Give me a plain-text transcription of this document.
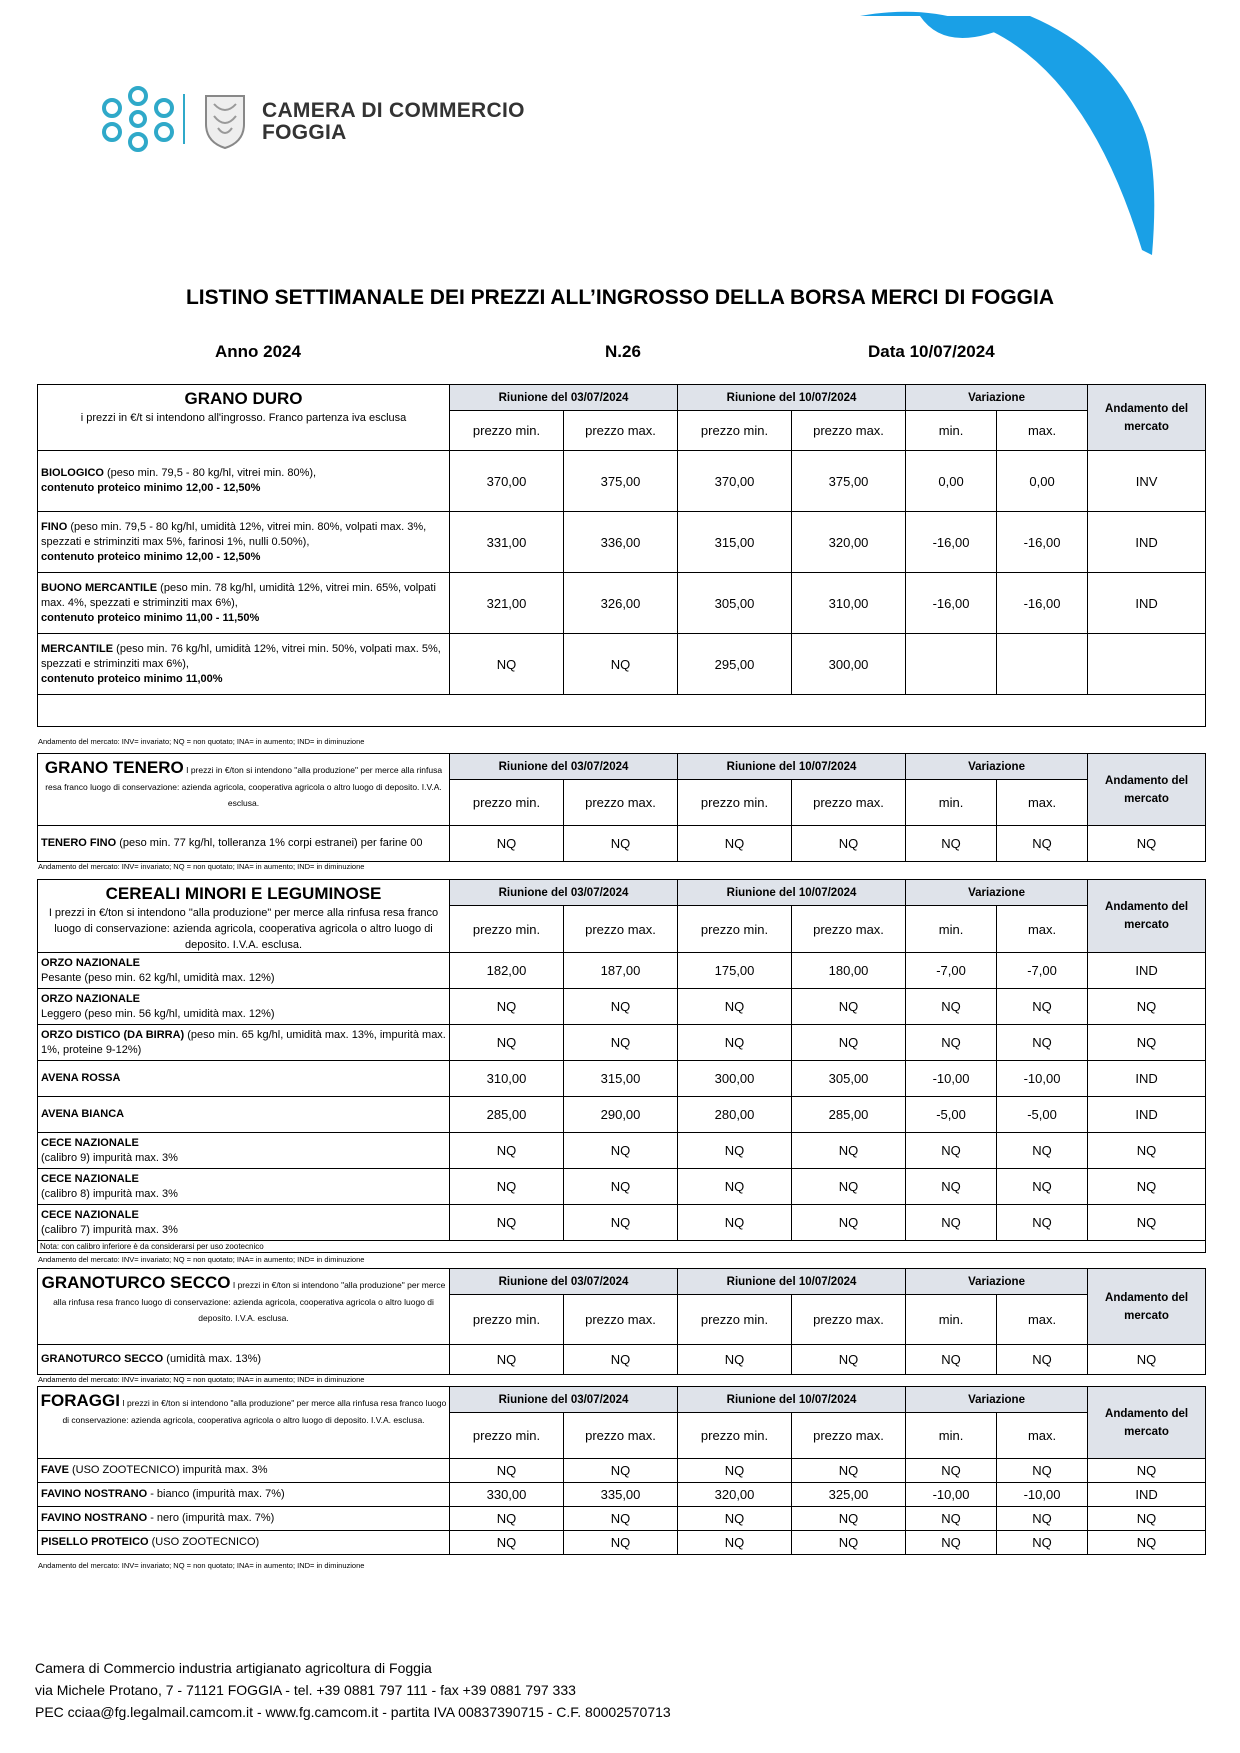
CAMERA DI COMMERCIO
FOGGIA
LISTINO SETTIMANALE DEI PREZZI ALL’INGROSSO DELLA BORSA MERCI DI FOGGIA
Anno 2024	N.26	Data 10/07/2024
GRANO DURO
i prezzi in €/t si intendono all'ingrosso. Franco partenza iva esclusa	Riunione del 03/07/2024		Riunione del 10/07/2024		Variazione		Andamento del mercato
	prezzo min.	prezzo max.	prezzo min.	prezzo max.	min.	max.	
BIOLOGICO (peso min. 79,5 - 80 kg/hl, vitrei min. 80%),
contenuto proteico minimo 12,00 - 12,50%	370,00	375,00	370,00	375,00	0,00	0,00	INV
FINO (peso min. 79,5 - 80 kg/hl, umidità 12%, vitrei min. 80%, volpati max. 3%, spezzati e striminziti max 5%, farinosi 1%, nulli 0.50%),
contenuto proteico minimo 12,00 - 12,50%	331,00	336,00	315,00	320,00	-16,00	-16,00	IND
BUONO MERCANTILE (peso min. 78 kg/hl, umidità 12%, vitrei min. 65%, volpati max. 4%, spezzati e striminziti max 6%),
contenuto proteico minimo 11,00 - 11,50%	321,00	326,00	305,00	310,00	-16,00	-16,00	IND
MERCANTILE (peso min. 76 kg/hl, umidità 12%, vitrei min. 50%, volpati max. 5%, spezzati e striminziti max 6%),
contenuto proteico minimo 11,00%	NQ	NQ	295,00	300,00			

Andamento del mercato: INV= invariato; NQ = non quotato; INA= in aumento; IND= in diminuzione
GRANO TENERO I prezzi in €/ton si intendono "alla produzione" per merce alla rinfusa resa franco luogo di conservazione: azienda agricola, cooperativa agricola o altro luogo di deposito. I.V.A. esclusa.	Riunione del 03/07/2024		Riunione del 10/07/2024		Variazione		Andamento del mercato
	prezzo min.	prezzo max.	prezzo min.	prezzo max.	min.	max.	
TENERO FINO (peso min. 77 kg/hl, tolleranza 1% corpi estranei) per farine 00	NQ	NQ	NQ	NQ	NQ	NQ	NQ
Andamento del mercato: INV= invariato; NQ = non quotato; INA= in aumento; IND= in diminuzione
CEREALI MINORI E LEGUMINOSE
I prezzi in €/ton si intendono "alla produzione" per merce alla rinfusa resa franco luogo di conservazione: azienda agricola, cooperativa agricola o altro luogo di deposito. I.V.A. esclusa.	Riunione del 03/07/2024		Riunione del 10/07/2024		Variazione		Andamento del mercato
	prezzo min.	prezzo max.	prezzo min.	prezzo max.	min.	max.	
ORZO NAZIONALE
Pesante (peso min. 62 kg/hl, umidità max. 12%)	182,00	187,00	175,00	180,00	-7,00	-7,00	IND
ORZO NAZIONALE
Leggero (peso min. 56 kg/hl, umidità max. 12%)	NQ	NQ	NQ	NQ	NQ	NQ	NQ
ORZO DISTICO (DA BIRRA) (peso min. 65 kg/hl, umidità max. 13%, impurità max. 1%, proteine 9-12%)	NQ	NQ	NQ	NQ	NQ	NQ	NQ
AVENA ROSSA	310,00	315,00	300,00	305,00	-10,00	-10,00	IND
AVENA BIANCA	285,00	290,00	280,00	285,00	-5,00	-5,00	IND
CECE NAZIONALE
(calibro 9) impurità max. 3%	NQ	NQ	NQ	NQ	NQ	NQ	NQ
CECE NAZIONALE
(calibro 8) impurità max. 3%	NQ	NQ	NQ	NQ	NQ	NQ	NQ
CECE NAZIONALE
(calibro 7) impurità max. 3%	NQ	NQ	NQ	NQ	NQ	NQ	NQ
Nota: con calibro inferiore è da considerarsi per uso zootecnico							
Andamento del mercato: INV= invariato; NQ = non quotato; INA= in aumento; IND= in diminuzione
GRANOTURCO SECCO I prezzi in €/ton si intendono "alla produzione" per merce alla rinfusa resa franco luogo di conservazione: azienda agricola, cooperativa agricola o altro luogo di deposito. I.V.A. esclusa.	Riunione del 03/07/2024		Riunione del 10/07/2024		Variazione		Andamento del mercato
	prezzo min.	prezzo max.	prezzo min.	prezzo max.	min.	max.	
GRANOTURCO SECCO (umidità max. 13%)	NQ	NQ	NQ	NQ	NQ	NQ	NQ
Andamento del mercato: INV= invariato; NQ = non quotato; INA= in aumento; IND= in diminuzione
FORAGGI I prezzi in €/ton si intendono "alla produzione" per merce alla rinfusa resa franco luogo di conservazione: azienda agricola, cooperativa agricola o altro luogo di deposito. I.V.A. esclusa.	Riunione del 03/07/2024		Riunione del 10/07/2024		Variazione		Andamento del mercato
	prezzo min.	prezzo max.	prezzo min.	prezzo max.	min.	max.	
FAVE (USO ZOOTECNICO) impurità max. 3%	NQ	NQ	NQ	NQ	NQ	NQ	NQ
FAVINO NOSTRANO - bianco (impurità max. 7%)	330,00	335,00	320,00	325,00	-10,00	-10,00	IND
FAVINO NOSTRANO - nero (impurità max. 7%)	NQ	NQ	NQ	NQ	NQ	NQ	NQ
PISELLO PROTEICO (USO ZOOTECNICO)	NQ	NQ	NQ	NQ	NQ	NQ	NQ
Andamento del mercato: INV= invariato; NQ = non quotato; INA= in aumento; IND= in diminuzione
Camera di Commercio industria artigianato agricoltura di Foggia
via Michele Protano, 7 - 71121 FOGGIA - tel. +39 0881 797 111 - fax +39 0881 797 333
PEC cciaa@fg.legalmail.camcom.it - www.fg.camcom.it - partita IVA 00837390715 - C.F. 80002570713
